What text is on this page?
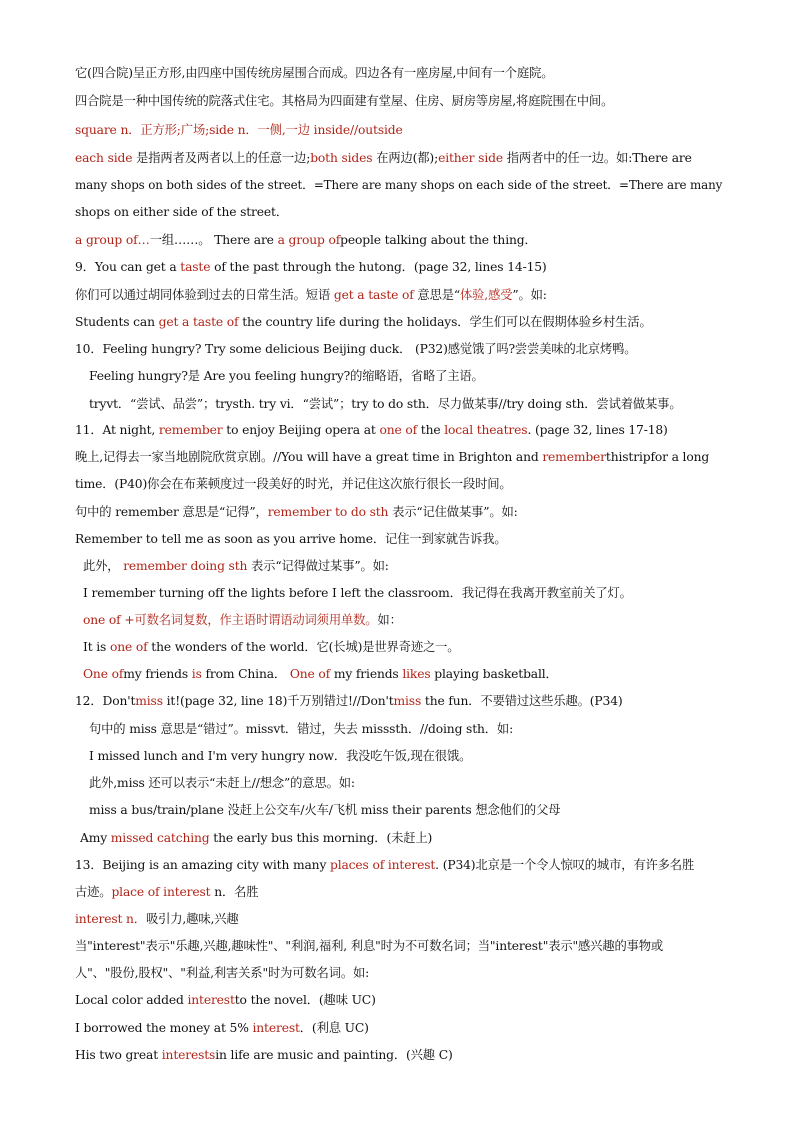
它(四合院)呈正方形,由四座中国传统房屋围合而成。四边各有一座房屋,中间有一个庭院。
四合院是一种中国传统的院落式住宅。其格局为四面建有堂屋、住房、厨房等房屋,将庭院围在中间。
square n．正方形;广场;side n．一侧,一边 inside//outside
each side 是指两者及两者以上的任意一边;both sides 在两边(都);either side 指两者中的任一边。如:There are
many shops on both sides of the street．=There are many shops on each side of the street．=There are many
shops on either side of the street．
a group of…一组……。 There are a group ofpeople talking about the thing．
9．You can get a taste of the past through the hutong．(page 32, lines 14-15)
你们可以通过胡同体验到过去的日常生活。短语 get a taste of 意思是“体验,感受”。如:
Students can get a taste of the country life during the holidays．学生们可以在假期体验乡村生活。
10．Feeling hungry? Try some delicious Beijing duck． (P32)感觉饿了吗?尝尝美味的北京烤鸭。
Feeling hungry?是 Are you feeling hungry?的缩略语，省略了主语。
tryvt．“尝试、品尝”；trysth. try vi．“尝试”；try to do sth．尽力做某事//try doing sth．尝试着做某事。
11．At night, remember to enjoy Beijing opera at one of the local theatres. (page 32, lines 17-18)
晚上,记得去一家当地剧院欣赏京剧。//You will have a great time in Brighton and rememberthistripfor a long
time．(P40)你会在布莱顿度过一段美好的时光，并记住这次旅行很长一段时间。
句中的 remember 意思是“记得”，remember to do sth 表示“记住做某事”。如:
Remember to tell me as soon as you arrive home．记住一到家就告诉我。
此外， remember doing sth 表示“记得做过某事”。如:
I remember turning off the lights before I left the classroom．我记得在我离开教室前关了灯。
one of +可数名词复数，作主语时谓语动词须用单数。如：
It is one of the wonders of the world．它(长城)是世界奇迹之一。
One ofmy friends is from China． One of my friends likes playing basketball．
12．Don'tmiss it!(page 32, line 18)千万别错过!//Don'tmiss the fun．不要错过这些乐趣。(P34)
句中的 miss 意思是“错过”。missvt．错过，失去 misssth．//doing sth．如:
I missed lunch and I'm very hungry now．我没吃午饭,现在很饿。
此外,miss 还可以表示“未赶上//想念”的意思。如:
miss a bus/train/plane 没赶上公交车/火车/飞机 miss their parents 想念他们的父母
Amy missed catching the early bus this morning．(未赶上)
13．Beijing is an amazing city with many places of interest. (P34)北京是一个令人惊叹的城市，有许多名胜
古迹。place of interest n．名胜
interest n．吸引力,趣味,兴趣
当"interest"表示"乐趣,兴趣,趣味性"、"利润,福利, 利息"时为不可数名词；当"interest"表示"感兴趣的事物或
人"、"股份,股权"、"利益,利害关系"时为可数名词。如:
Local color added interestto the novel．(趣味 UC)
I borrowed the money at 5% interest．(利息 UC)
His two great interestsin life are music and painting．(兴趣 C)
